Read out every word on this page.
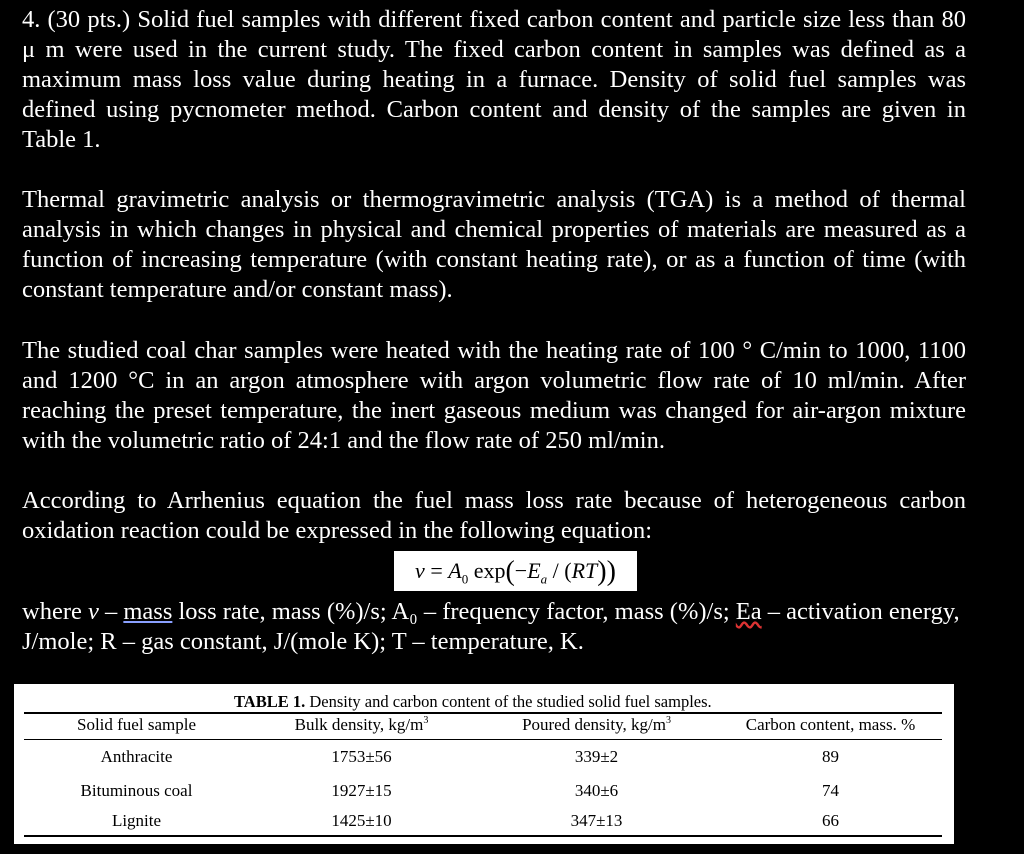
4. (30 pts.) Solid fuel samples with different fixed carbon content and particle size less than 80 μ m were used in the current study. The fixed carbon content in samples was defined as a maximum mass loss value during heating in a furnace. Density of solid fuel samples was defined using pycnometer method. Carbon content and density of the samples are given in Table 1.

Thermal gravimetric analysis or thermogravimetric analysis (TGA) is a method of thermal analysis in which changes in physical and chemical properties of materials are measured as a function of increasing temperature (with constant heating rate), or as a function of time (with constant temperature and/or constant mass).

The studied coal char samples were heated with the heating rate of 100 ° C/min to 1000, 1100 and 1200 °C in an argon atmosphere with argon volumetric flow rate of 10 ml/min. After reaching the preset temperature, the inert gaseous medium was changed for air-argon mixture with the volumetric ratio of 24:1 and the flow rate of 250 ml/min.

According to Arrhenius equation the fuel mass loss rate because of heterogeneous carbon oxidation reaction could be expressed in the following equation:

$v = A_0$ $\exp(-E_a / (RT))$

where v – mass loss rate, mass (%)/s; A₀ – frequency factor, mass (%)/s; Ea – activation energy, J/mole; R – gas constant, J/(mole K); T – temperature, K.

TABLE 1. Density and carbon content of the studied solid fuel samples.
Solid fuel sample	Bulk density, $kg/m^3$	Poured density, $kg/m^3$	Carbon content, mass. %
Anthracite	1753±56	339±2	89
Bituminous coal	1927±15	340±6	74
Lignite	1425±10	347±13	66
